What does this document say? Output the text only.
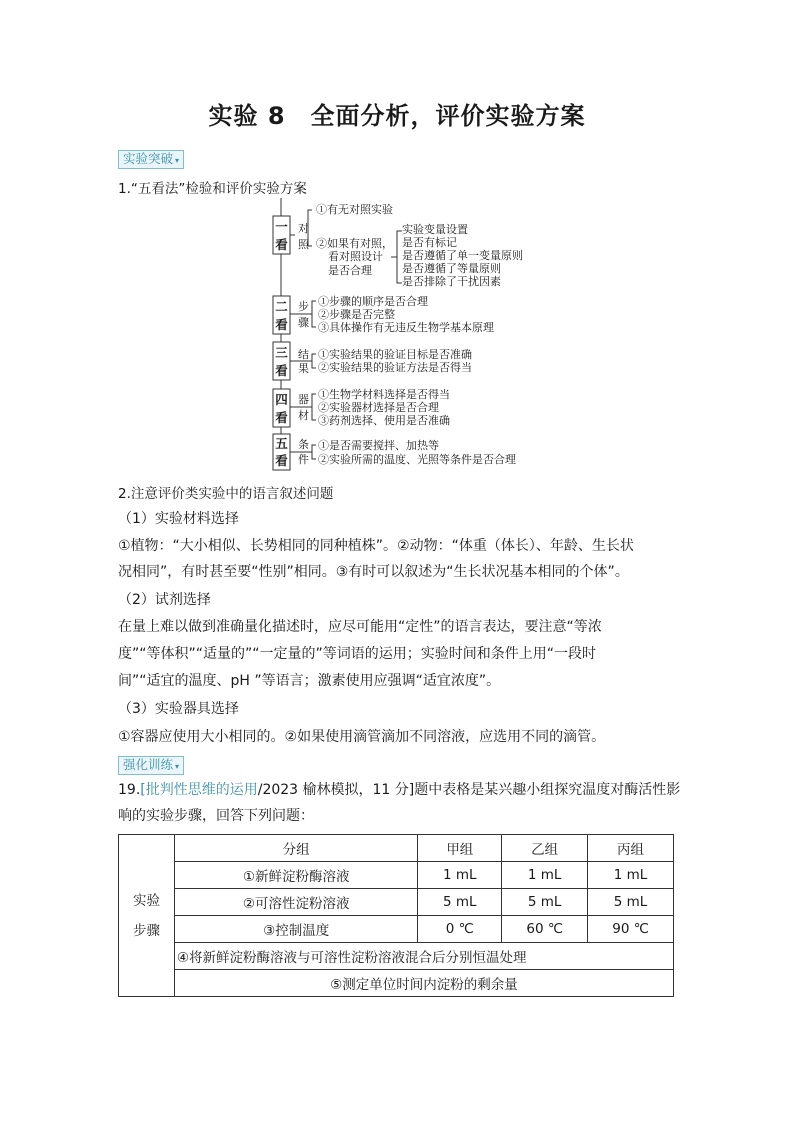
实验 8　全面分析，评价实验方案
实验突破 ▾
1.“五看法”检验和评价实验方案
一
看
对
照
①有无对照实验
②如果有对照，
看对照设计
是否合理
实验变量设置
是否有标记
是否遵循了单一变量原则
是否遵循了等量原则
是否排除了干扰因素
二
看
步
骤
①步骤的顺序是否合理
②步骤是否完整
③具体操作有无违反生物学基本原理
三
看
结
果
①实验结果的验证目标是否准确
②实验结果的验证方法是否得当
四
看
器
材
①生物学材料选择是否得当
②实验器材选择是否合理
③药剂选择、使用是否准确
五
看
条
件
①是否需要搅拌、加热等
②实验所需的温度、光照等条件是否合理
2.注意评价类实验中的语言叙述问题
（1）实验材料选择
①植物：“大小相似、长势相同的同种植株”。②动物：“体重（体长）、年龄、生长状
况相同”，有时甚至要“性别”相同。③有时可以叙述为“生长状况基本相同的个体”。
（2）试剂选择
在量上难以做到准确量化描述时，应尽可能用“定性”的语言表达，要注意“等浓
度”“等体积”“适量的”“一定量的”等词语的运用；实验时间和条件上用“一段时
间”“适宜的温度、pH ”等语言；激素使用应强调“适宜浓度”。
（3）实验器具选择
①容器应使用大小相同的。②如果使用滴管滴加不同溶液，应选用不同的滴管。
强化训练 ▾
19.[批判性思维的运用/2023 榆林模拟，11 分]题中表格是某兴趣小组探究温度对酶活性影
响的实验步骤，回答下列问题：
实验
步骤	分组	甲组	乙组	丙组
	①新鲜淀粉酶溶液	1 mL	1 mL	1 mL
	②可溶性淀粉溶液	5 mL	5 mL	5 mL
	③控制温度	0 ℃	60 ℃	90 ℃
	④将新鲜淀粉酶溶液与可溶性淀粉溶液混合后分别恒温处理			
	⑤测定单位时间内淀粉的剩余量			
